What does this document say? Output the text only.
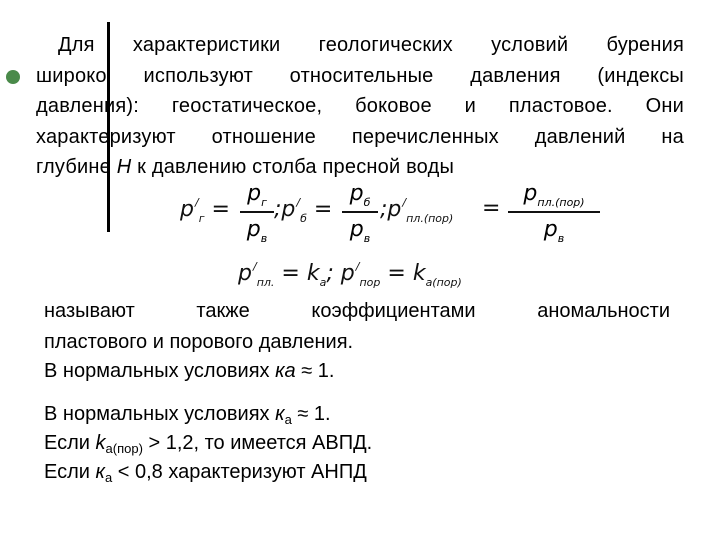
Для характеристики геологических условий бурения
широко используют относительные давления (индексы
давления): геостатическое, боковое и пластовое. Они
характеризуют отношение перечисленных давлений на
глубине H к давлению столба пресной воды
$p^/_г$ =
$p_г$
$p_в$
$;p^/_б$ =
$p_б$
$p_в$
$;p^/_{пл.(пор)}$ =
$p_{пл.(пор)}$
$p_в$
$p^/_{пл.} = k_а$; $p^/_{пор} = k_{а(пор)}$
называют	также	коэффициентами	аномальности
пластового и порового давления.
В нормальных условиях ка ≈ 1.
В нормальных условиях $к_а \approx 1$.
Если $k_{a(пор)} > 1,2$, то имеется АВПД.
Если $к_а < 0,8$ характеризуют АНПД
